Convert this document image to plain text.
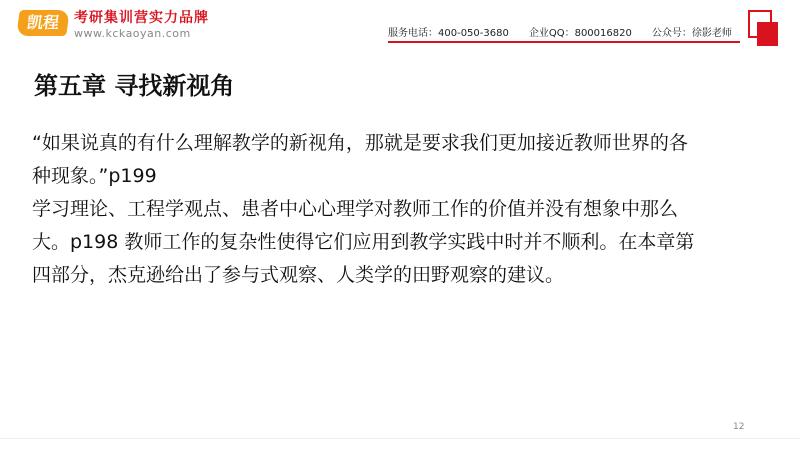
凯程 考研集训营实力品牌
www.kckaoyan.com	服务电话：400-050-3680 企业QQ：800016820 公众号：徐影老师
第五章 寻找新视角

“如果说真的有什么理解教学的新视角，那就是要求我们更加接近教师世界的各种现象。”p199

学习理论、工程学观点、患者中心心理学对教师工作的价值并没有想象中那么大。p198 教师工作的复杂性使得它们应用到教学实践中时并不顺利。在本章第四部分，杰克逊给出了参与式观察、人类学的田野观察的建议。

12
